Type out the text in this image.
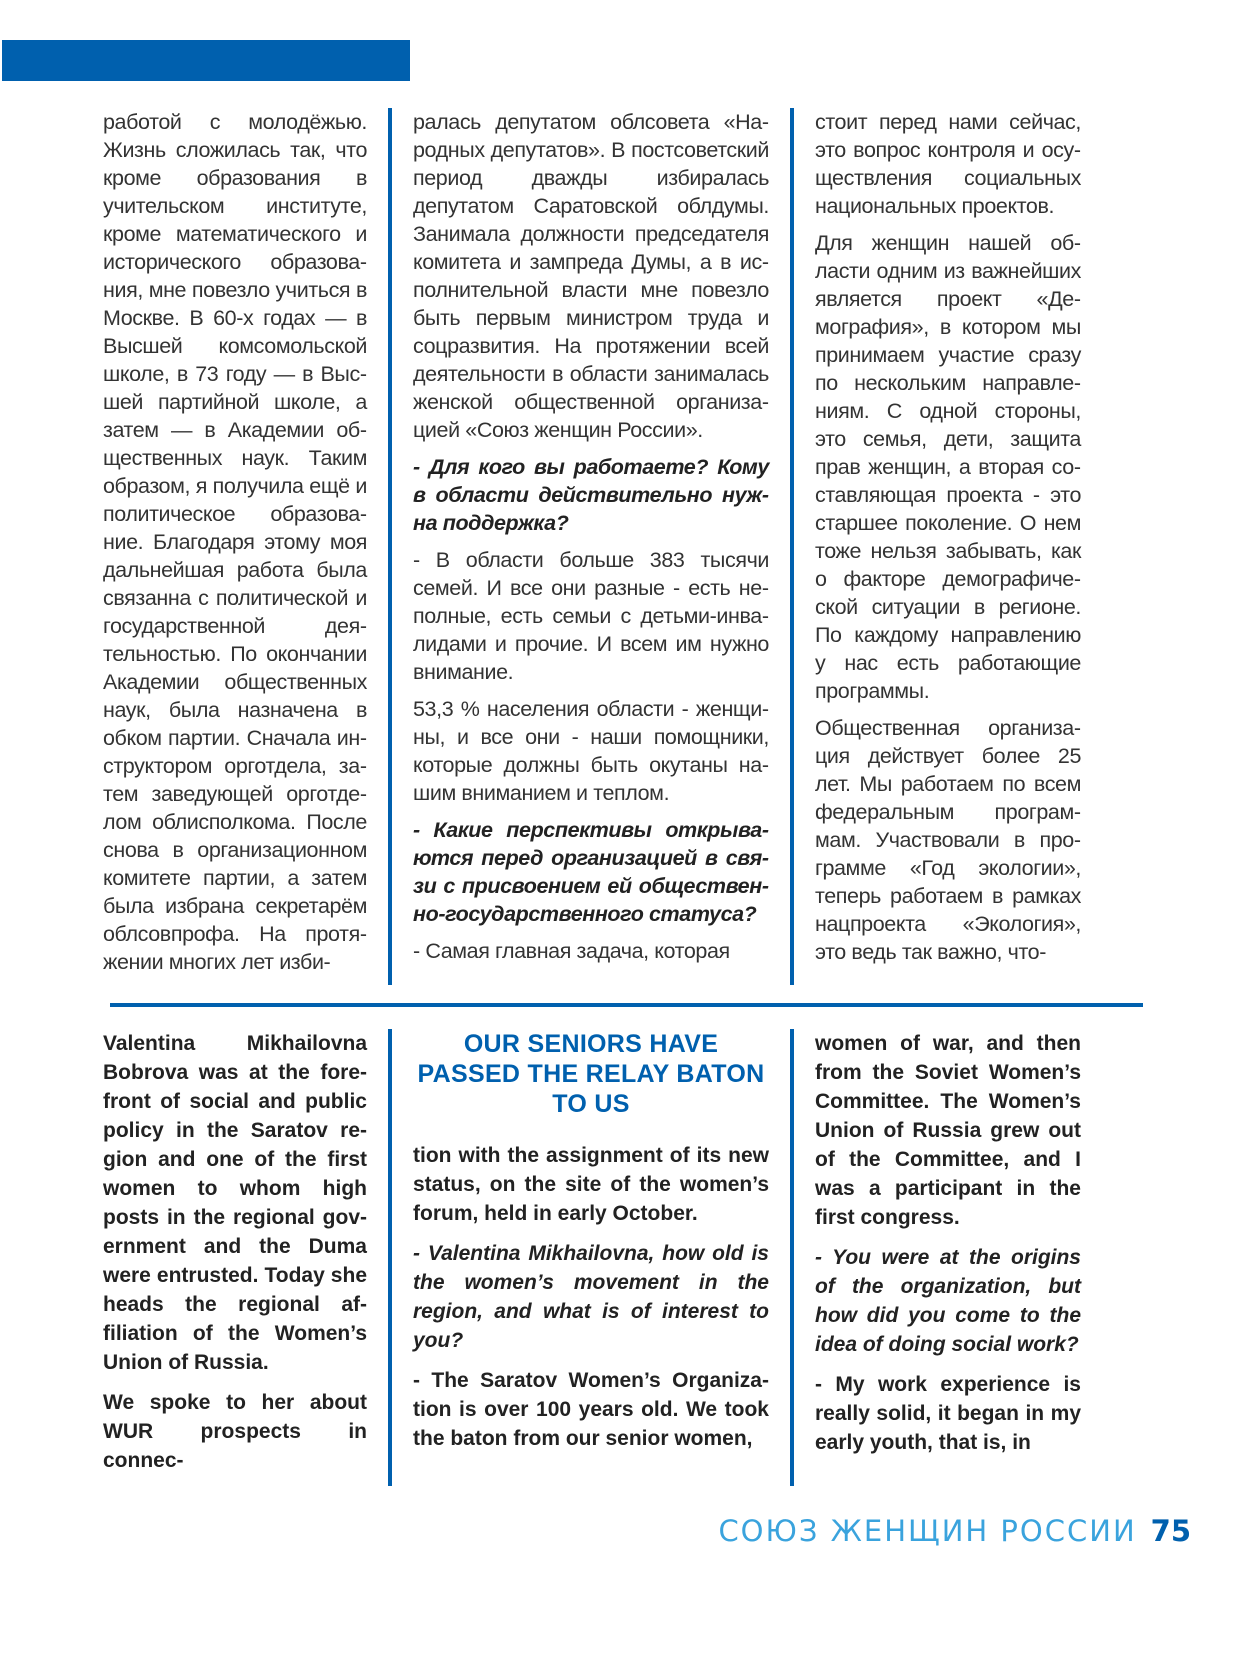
работой с молодёжью. Жизнь сложилась так, что кроме образования в учительском институте, кроме математического и исторического образования, мне повезло учиться в Москве. В 60-х годах — в Высшей комсомольской школе, в 73 году — в Высшей партийной школе, а затем — в Академии общественных наук. Таким образом, я получила ещё и политическое образование. Благодаря этому моя дальнейшая работа была связанна с политической и государственной деятельностью. По окончании Академии общественных наук, была назначена в обком партии. Сначала инструктором орготдела, затем заведующей орготделом облисполкома. После снова в организационном комитете партии, а затем была избрана секретарём облсовпрофа. На протяжении многих лет изби-

ралась депутатом облсовета «Народных депутатов». В постсоветский период дважды избиралась депутатом Саратовской облдумы. Занимала должности председателя комитета и зампреда Думы, а в исполнительной власти мне повезло быть первым министром труда и соцразвития. На протяжении всей деятельности в области занималась женской общественной организацией «Союз женщин России».

- Для кого вы работаете? Кому в области действительно нужна поддержка?

- В области больше 383 тысячи семей. И все они разные - есть неполные, есть семьи с детьми-инвалидами и прочие. И всем им нужно внимание.

53,3 % населения области - женщины, и все они - наши помощники, которые должны быть окутаны нашим вниманием и теплом.

- Какие перспективы открываются перед организацией в связи с присвоением ей общественно-государственного статуса?

- Самая главная задача, которая

стоит перед нами сейчас, это вопрос контроля и осуществления социальных национальных проектов.

Для женщин нашей области одним из важнейших является проект «Демография», в котором мы принимаем участие сразу по нескольким направлениям. С одной стороны, это семья, дети, защита прав женщин, а вторая составляющая проекта - это старшее поколение. О нем тоже нельзя забывать, как о факторе демографической ситуации в регионе. По каждому направлению у нас есть работающие программы.

Общественная организация действует более 25 лет. Мы работаем по всем федеральным программам. Участвовали в программе «Год экологии», теперь работаем в рамках нацпроекта «Экология», это ведь так важно, что-

Valentina Mikhailovna Bobrova was at the forefront of social and public policy in the Saratov region and one of the first women to whom high posts in the regional government and the Duma were entrusted. Today she heads the regional affiliation of the Women’s Union of Russia.

We spoke to her about WUR prospects in connec-

OUR SENIORS HAVE PASSED THE RELAY BATON TO US

tion with the assignment of its new status, on the site of the women’s forum, held in early October.

- Valentina Mikhailovna, how old is the women’s movement in the region, and what is of interest to you?

- The Saratov Women’s Organization is over 100 years old. We took the baton from our senior women,

women of war, and then from the Soviet Women’s Committee. The Women’s Union of Russia grew out of the Committee, and I was a participant in the first congress.

- You were at the origins of the organization, but how did you come to the idea of doing social work?

- My work experience is really solid, it began in my early youth, that is, in

СОЮЗ ЖЕНЩИН РОССИИ 75
